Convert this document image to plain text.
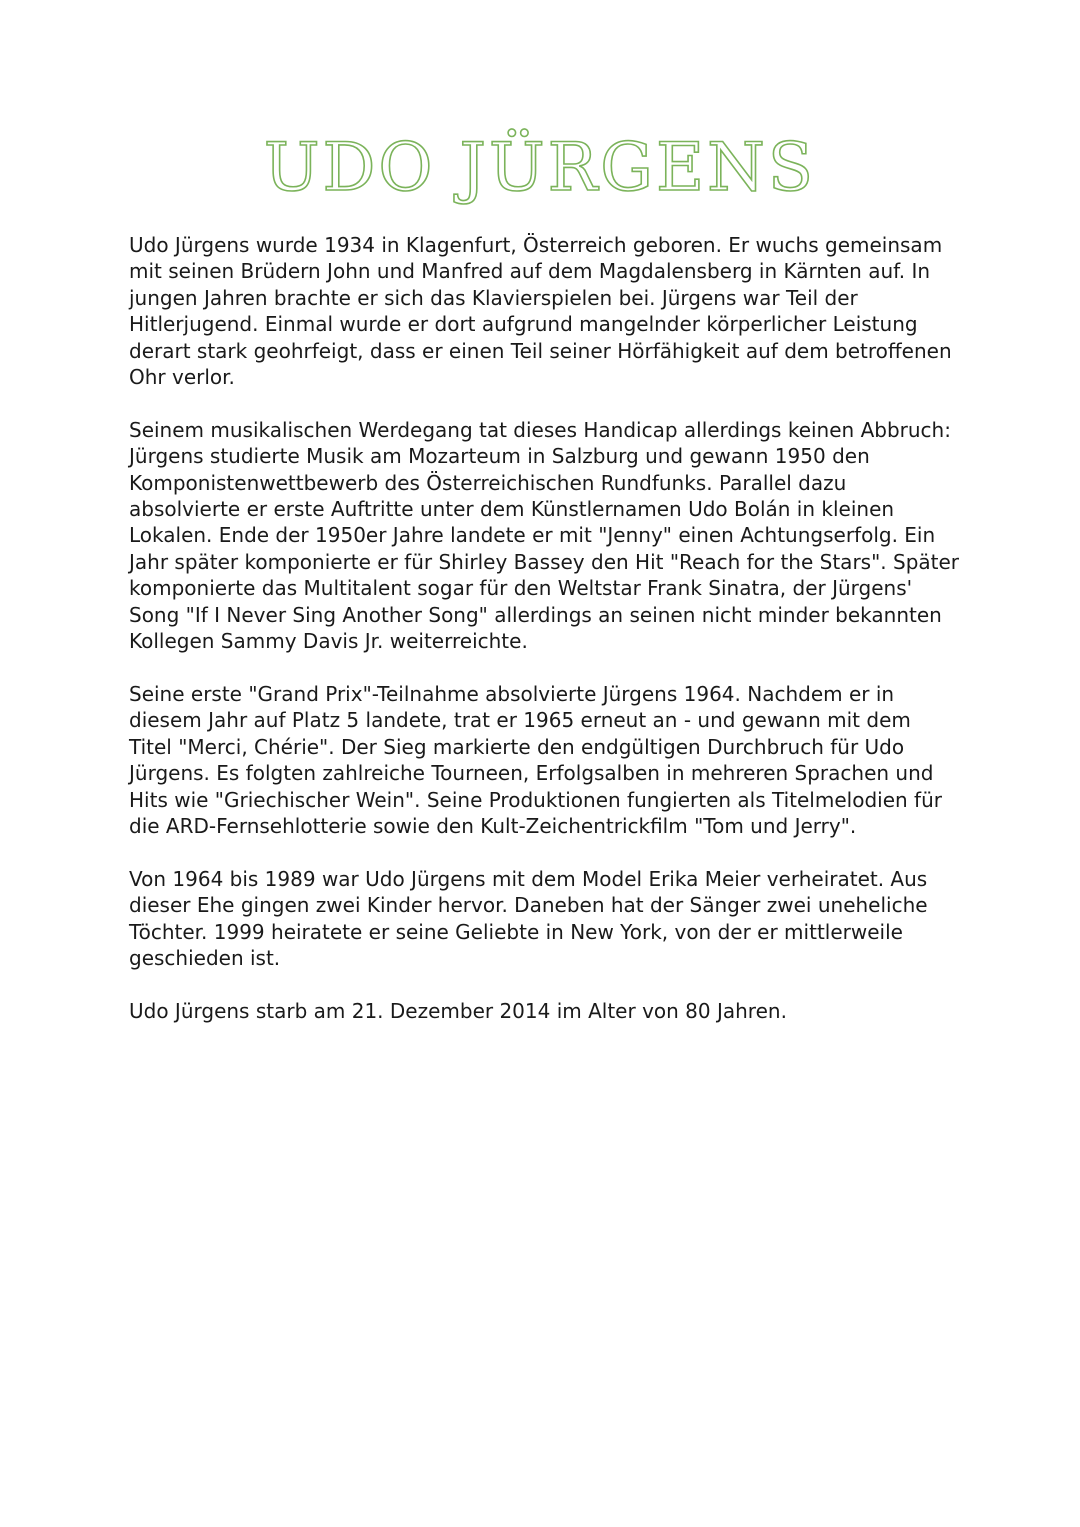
UDO JÜRGENS

Udo Jürgens wurde 1934 in Klagenfurt, Österreich geboren. Er wuchs gemeinsam mit seinen Brüdern John und Manfred auf dem Magdalensberg in Kärnten auf. In jungen Jahren brachte er sich das Klavierspielen bei. Jürgens war Teil der Hitlerjugend. Einmal wurde er dort aufgrund mangelnder körperlicher Leistung derart stark geohrfeigt, dass er einen Teil seiner Hörfähigkeit auf dem betroffenen Ohr verlor.

Seinem musikalischen Werdegang tat dieses Handicap allerdings keinen Abbruch: Jürgens studierte Musik am Mozarteum in Salzburg und gewann 1950 den Komponistenwettbewerb des Österreichischen Rundfunks. Parallel dazu absolvierte er erste Auftritte unter dem Künstlernamen Udo Bolán in kleinen Lokalen. Ende der 1950er Jahre landete er mit "Jenny" einen Achtungserfolg. Ein Jahr später komponierte er für Shirley Bassey den Hit "Reach for the Stars". Später komponierte das Multitalent sogar für den Weltstar Frank Sinatra, der Jürgens' Song "If I Never Sing Another Song" allerdings an seinen nicht minder bekannten Kollegen Sammy Davis Jr. weiterreichte.

Seine erste "Grand Prix"-Teilnahme absolvierte Jürgens 1964. Nachdem er in diesem Jahr auf Platz 5 landete, trat er 1965 erneut an - und gewann mit dem Titel "Merci, Chérie". Der Sieg markierte den endgültigen Durchbruch für Udo Jürgens. Es folgten zahlreiche Tourneen, Erfolgsalben in mehreren Sprachen und Hits wie "Griechischer Wein". Seine Produktionen fungierten als Titelmelodien für die ARD-Fernsehlotterie sowie den Kult-Zeichentrickfilm "Tom und Jerry".

Von 1964 bis 1989 war Udo Jürgens mit dem Model Erika Meier verheiratet. Aus dieser Ehe gingen zwei Kinder hervor. Daneben hat der Sänger zwei uneheliche Töchter. 1999 heiratete er seine Geliebte in New York, von der er mittlerweile geschieden ist.

Udo Jürgens starb am 21. Dezember 2014 im Alter von 80 Jahren.
